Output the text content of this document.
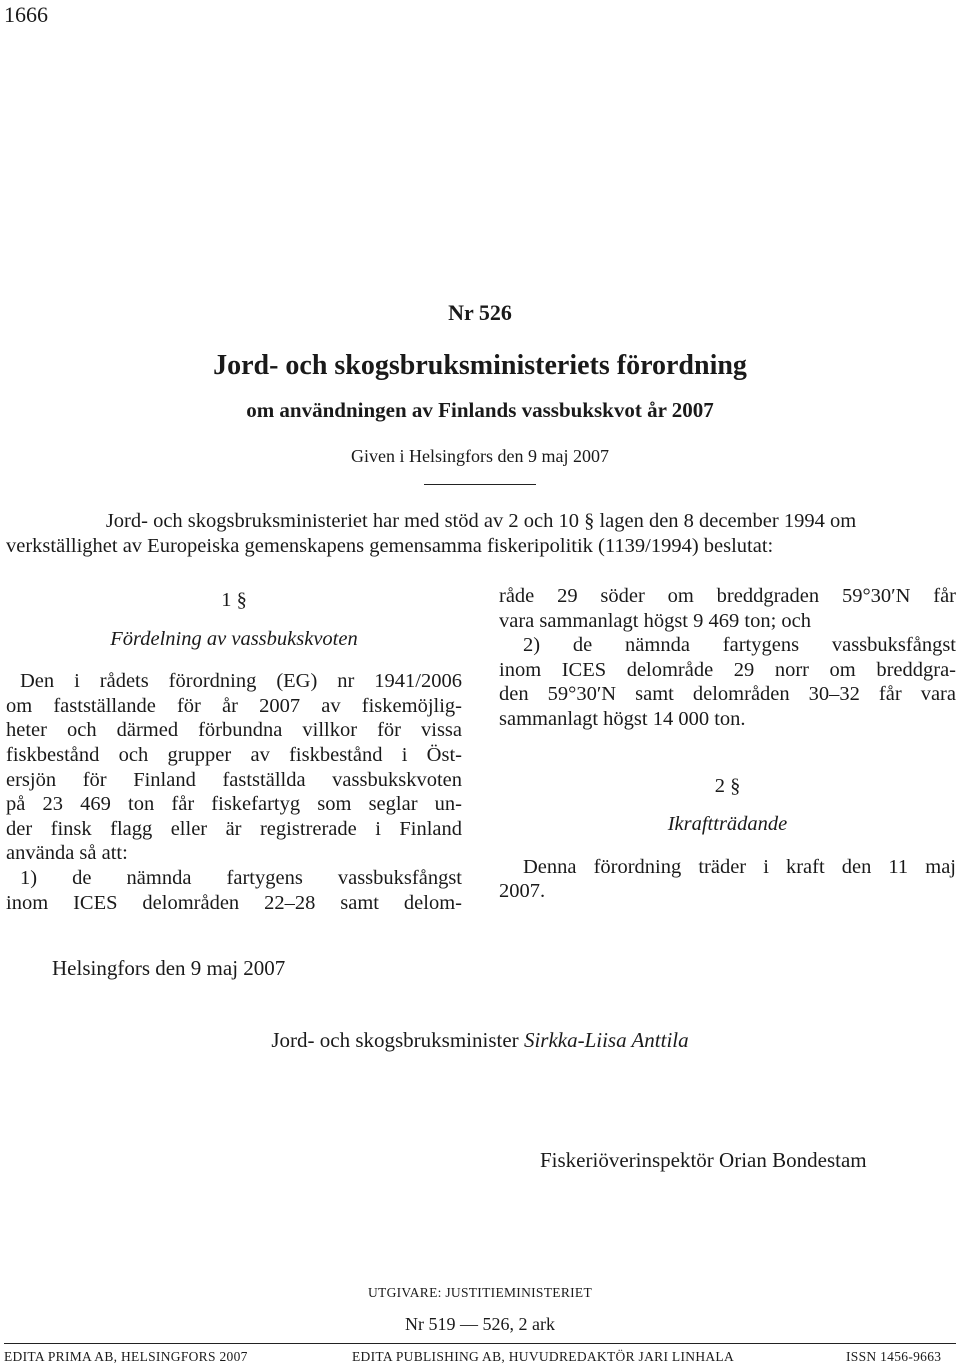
1666
Nr 526
Jord- och skogsbruksministeriets förordning
om användningen av Finlands vassbukskvot år 2007
Given i Helsingfors den 9 maj 2007
Jord- och skogsbruksministeriet har med stöd av 2 och 10 § lagen den 8 december 1994 om
verkställighet av Europeiska gemenskapens gemensamma fiskeripolitik (1139/1994) beslutat:

1 §

Fördelning av vassbukskvoten

Den i rådets förordning (EG) nr 1941/2006
om fastställande för år 2007 av fiskemöjlig-
heter och därmed förbundna villkor för vissa
fiskbestånd och grupper av fiskbestånd i Öst-
ersjön för Finland fastställda vassbukskvoten
på 23 469 ton får fiskefartyg som seglar un-
der finsk flagg eller är registrerade i Finland
använda så att:
1) de nämnda fartygens vassbuksfångst
inom ICES delområden 22–28 samt delom-
råde 29 söder om breddgraden 59°30′N får
vara sammanlagt högst 9 469 ton; och
2) de nämnda fartygens vassbuksfångst
inom ICES delområde 29 norr om breddgra-
den 59°30′N samt delområden 30–32 får vara
sammanlagt högst 14 000 ton.

2 §

Ikraftträdande

Denna förordning träder i kraft den 11 maj
2007.
Helsingfors den 9 maj 2007
Jord- och skogsbruksminister Sirkka-Liisa Anttila
Fiskeriöverinspektör Orian Bondestam
UTGIVARE: JUSTITIEMINISTERIET
Nr 519 — 526, 2 ark
EDITA PRIMA AB, HELSINGFORS 2007	EDITA PUBLISHING AB, HUVUDREDAKTÖR JARI LINHALA	ISSN 1456-9663
